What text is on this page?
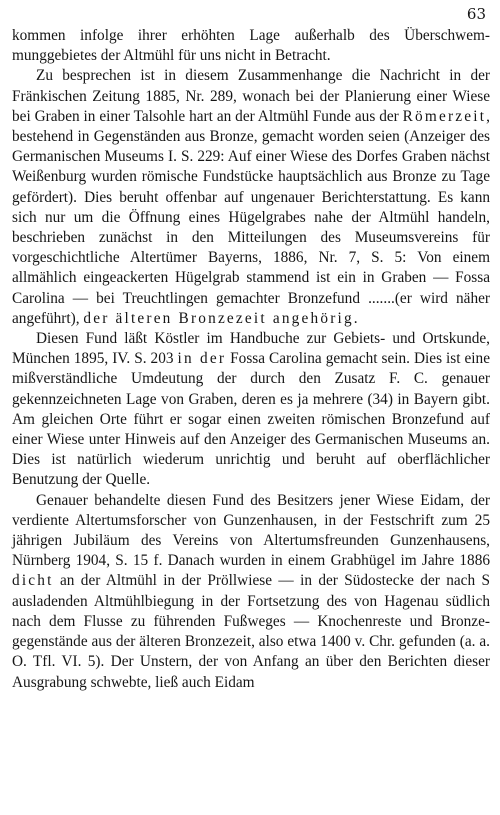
63

kommen infolge ihrer erhöhten Lage außerhalb des Überschwemmunggebietes der Altmühl für uns nicht in Betracht.

Zu besprechen ist in diesem Zusammenhange die Nachricht in der Fränkischen Zeitung 1885, Nr. 289, wonach bei der Planierung einer Wiese bei Graben in einer Talsohle hart an der Altmühl Funde aus der Römerzeit, bestehend in Gegenständen aus Bronze, gemacht worden seien (Anzeiger des Germanischen Museums I. S. 229: Auf einer Wiese des Dorfes Graben nächst Weißenburg wurden römische Fundstücke hauptsächlich aus Bronze zu Tage gefördert). Dies beruht offenbar auf ungenauer Berichterstattung. Es kann sich nur um die Öffnung eines Hügelgrabes nahe der Altmühl handeln, beschrieben zunächst in den Mitteilungen des Museumsvereins für vorgeschichtliche Altertümer Bayerns, 1886, Nr. 7, S. 5: Von einem allmählich eingeackerten Hügelgrab stammend ist ein in Graben — Fossa Carolina — bei Treuchtlingen gemachter Bronzefund .......(er wird näher angeführt), der älteren Bronzezeit angehörig.

Diesen Fund läßt Köstler im Handbuche zur Gebiets- und Ortskunde, München 1895, IV. S. 203 in der Fossa Carolina gemacht sein. Dies ist eine mißverständliche Umdeutung der durch den Zusatz F. C. genauer gekennzeichneten Lage von Graben, deren es ja mehrere (34) in Bayern gibt. Am gleichen Orte führt er sogar einen zweiten römischen Bronzefund auf einer Wiese unter Hinweis auf den Anzeiger des Germanischen Museums an. Dies ist natürlich wiederum unrichtig und beruht auf oberflächlicher Benutzung der Quelle.

Genauer behandelte diesen Fund des Besitzers jener Wiese Eidam, der verdiente Altertumsforscher von Gunzenhausen, in der Festschrift zum 25 jährigen Jubiläum des Vereins von Altertumsfreunden Gunzenhausens, Nürnberg 1904, S. 15 f. Danach wurden in einem Grabhügel im Jahre 1886 dicht an der Altmühl in der Pröllwiese — in der Südostecke der nach S ausladenden Altmühlbiegung in der Fortsetzung des von Hagenau südlich nach dem Flusse zu führenden Fußweges — Knochenreste und Bronzegegenstände aus der älteren Bronzezeit, also etwa 1400 v. Chr. gefunden (a. a. O. Tfl. VI. 5). Der Unstern, der von Anfang an über den Berichten dieser Ausgrabung schwebte, ließ auch Eidam
